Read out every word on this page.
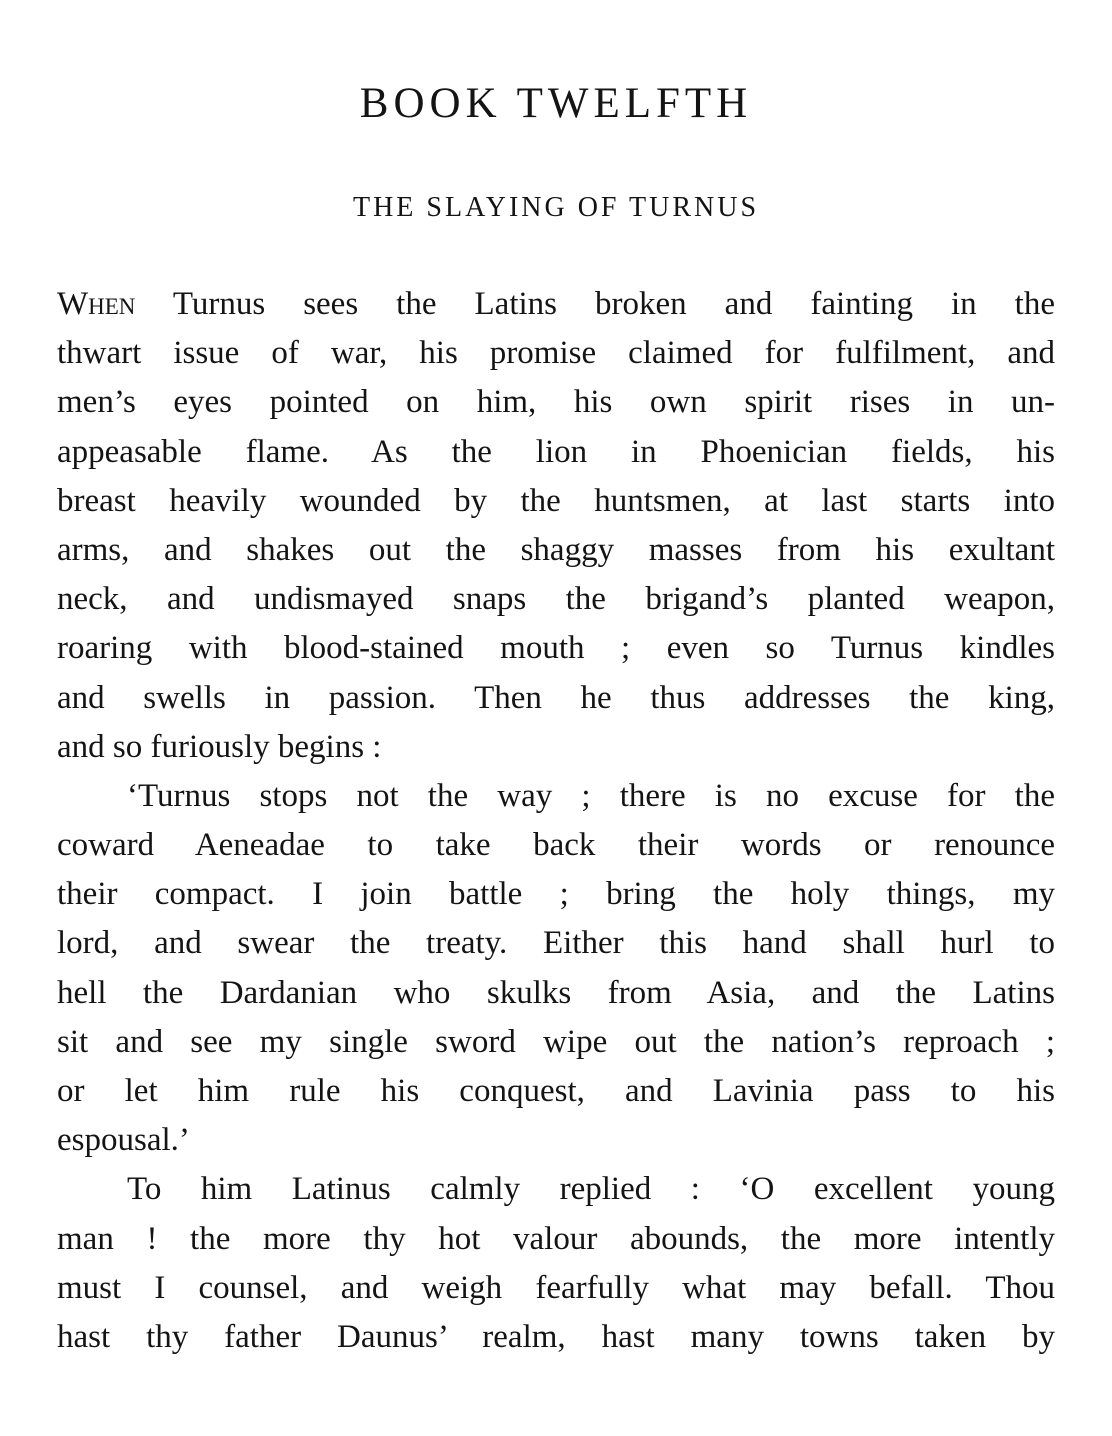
BOOK TWELFTH
THE SLAYING OF TURNUS
When Turnus sees the Latins broken and fainting in the
thwart issue of war, his promise claimed for fulfilment, and
men’s eyes pointed on him, his own spirit rises in un-
appeasable flame. As the lion in Phoenician fields, his
breast heavily wounded by the huntsmen, at last starts into
arms, and shakes out the shaggy masses from his exultant
neck, and undismayed snaps the brigand’s planted weapon,
roaring with blood-stained mouth ; even so Turnus kindles
and swells in passion. Then he thus addresses the king,
and so furiously begins :
‘Turnus stops not the way ; there is no excuse for the
coward Aeneadae to take back their words or renounce
their compact. I join battle ; bring the holy things, my
lord, and swear the treaty. Either this hand shall hurl to
hell the Dardanian who skulks from Asia, and the Latins
sit and see my single sword wipe out the nation’s reproach ;
or let him rule his conquest, and Lavinia pass to his
espousal.’
To him Latinus calmly replied : ‘O excellent young
man ! the more thy hot valour abounds, the more intently
must I counsel, and weigh fearfully what may befall. Thou
hast thy father Daunus’ realm, hast many towns taken by
